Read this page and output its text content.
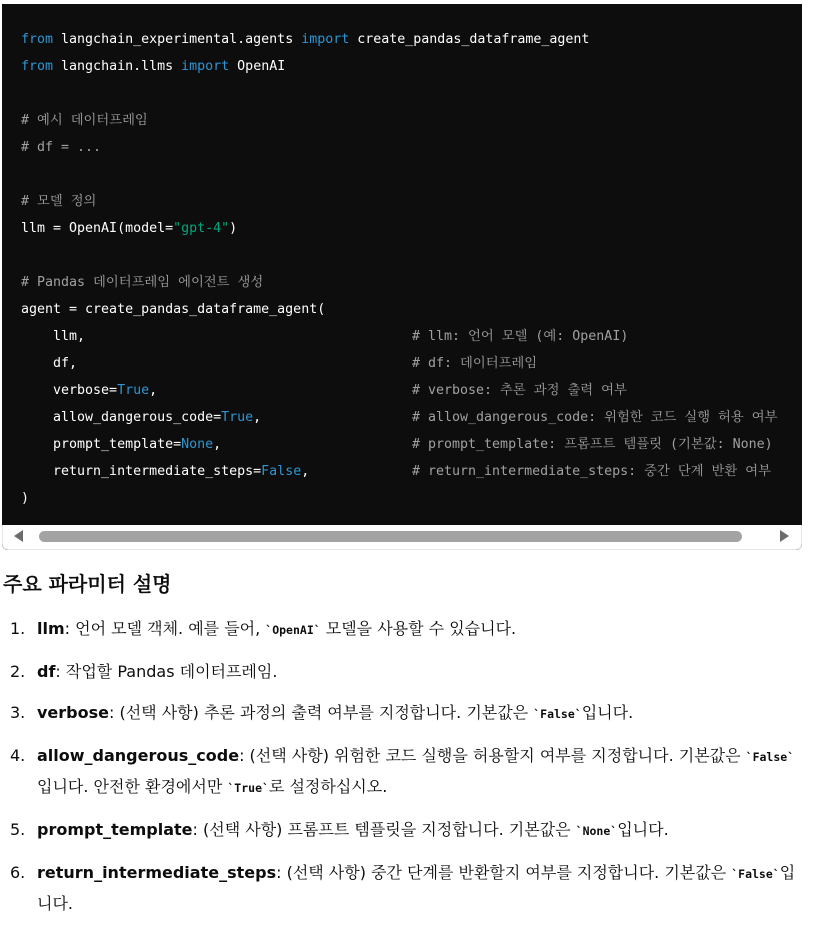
from langchain_experimental.agents import create_pandas_dataframe_agent
from langchain.llms import OpenAI
# 예시 데이터프레임
# df = ...
# 모델 정의
llm = OpenAI(model="gpt-4")
# Pandas 데이터프레임 에이전트 생성
agent = create_pandas_dataframe_agent(
llm,	# llm: 언어 모델 (예: OpenAI)
df,	# df: 데이터프레임
verbose=True,	# verbose: 추론 과정 출력 여부
allow_dangerous_code=True,	# allow_dangerous_code: 위험한 코드 실행 허용 여부
prompt_template=None,	# prompt_template: 프롬프트 템플릿 (기본값: None)
return_intermediate_steps=False,	# return_intermediate_steps: 중간 단계 반환 여부
)
주요 파라미터 설명
1. llm: 언어 모델 객체. 예를 들어, `OpenAI` 모델을 사용할 수 있습니다.
2. df: 작업할 Pandas 데이터프레임.
3. verbose: (선택 사항) 추론 과정의 출력 여부를 지정합니다. 기본값은 `False`입니다.
4. allow_dangerous_code: (선택 사항) 위험한 코드 실행을 허용할지 여부를 지정합니다. 기본값은 `False`입니다. 안전한 환경에서만 `True`로 설정하십시오.
5. prompt_template: (선택 사항) 프롬프트 템플릿을 지정합니다. 기본값은 `None`입니다.
6. return_intermediate_steps: (선택 사항) 중간 단계를 반환할지 여부를 지정합니다. 기본값은 `False`입니다.
